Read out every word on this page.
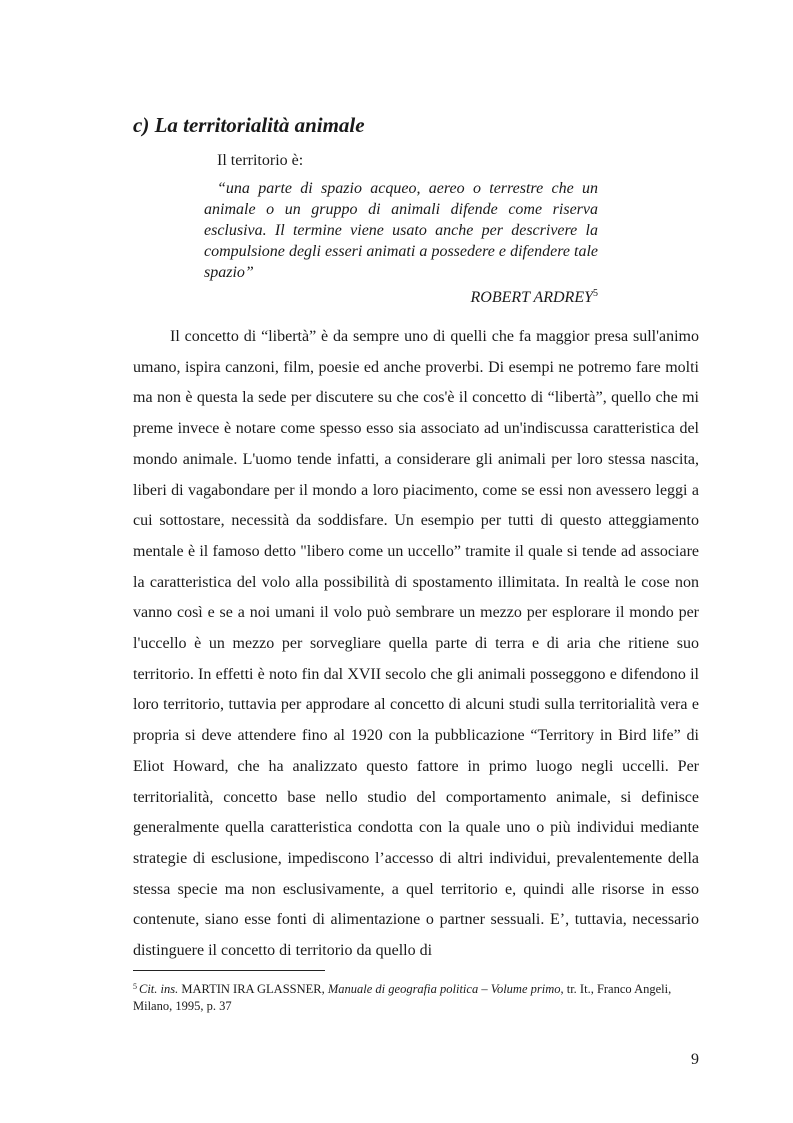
c) La territorialità animale

Il territorio è:

“una parte di spazio acqueo, aereo o terrestre che un animale o un gruppo di animali difende come riserva esclusiva. Il termine viene usato anche per descrivere la compulsione degli esseri animati a possedere e difendere tale spazio”

ROBERT ARDREY$^5$

Il concetto di “libertà” è da sempre uno di quelli che fa maggior presa sull'animo umano, ispira canzoni, film, poesie ed anche proverbi. Di esempi ne potremo fare molti ma non è questa la sede per discutere su che cos'è il concetto di “libertà”, quello che mi preme invece è notare come spesso esso sia associato ad un'indiscussa caratteristica del mondo animale. L'uomo tende infatti, a considerare gli animali per loro stessa nascita, liberi di vagabondare per il mondo a loro piacimento, come se essi non avessero leggi a cui sottostare, necessità da soddisfare. Un esempio per tutti di questo atteggiamento mentale è il famoso detto "libero come un uccello” tramite il quale si tende ad associare la caratteristica del volo alla possibilità di spostamento illimitata. In realtà le cose non vanno così e se a noi umani il volo può sembrare un mezzo per esplorare il mondo per l'uccello è un mezzo per sorvegliare quella parte di terra e di aria che ritiene suo territorio. In effetti è noto fin dal XVII secolo che gli animali posseggono e difendono il loro territorio, tuttavia per approdare al concetto di alcuni studi sulla territorialità vera e propria si deve attendere fino al 1920 con la pubblicazione “Territory in Bird life” di Eliot Howard, che ha analizzato questo fattore in primo luogo negli uccelli. Per territorialità, concetto base nello studio del comportamento animale, si definisce generalmente quella caratteristica condotta con la quale uno o più individui mediante strategie di esclusione, impediscono l’accesso di altri individui, prevalentemente della stessa specie ma non esclusivamente, a quel territorio e, quindi alle risorse in esso contenute, siano esse fonti di alimentazione o partner sessuali. E’, tuttavia, necessario distinguere il concetto di territorio da quello di

$^5$ Cit. ins. MARTIN IRA GLASSNER, Manuale di geografia politica – Volume primo, tr. It., Franco Angeli, Milano, 1995, p. 37

9
